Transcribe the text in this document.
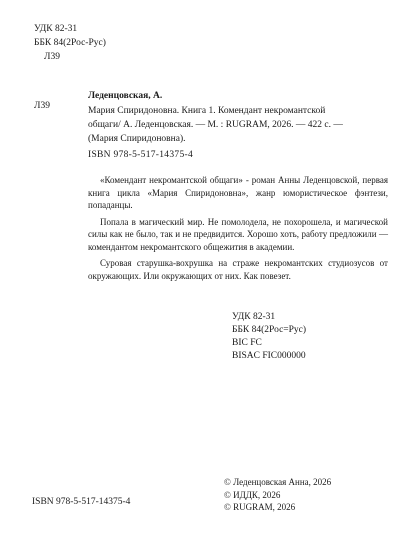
УДК 82-31
ББК 84(2Рос-Рус)
Л39
Леденцовская, А.
Л39	Мария Спиридоновна. Книга 1. Комендант некромантской
общаги/ А. Леденцовская. — М. : RUGRAM, 2026. — 422 с. —
(Мария Спиридоновна).
ISBN 978-5-517-14375-4

«Комендант некромантской общаги» - роман Анны Леденцовской, первая книга цикла «Мария Спиридоновна», жанр юмористическое фэнтези, попаданцы.

Попала в магический мир. Не помолодела, не похорошела, и магической силы как не было, так и не предвидится. Хорошо хоть, работу предложили — комендантом некромантского общежития в академии.

Суровая старушка-вохрушка на страже некромантских студиозусов от окружающих. Или окружающих от них. Как повезет.

УДК 82-31
ББК 84(2Рос=Рус)
BIC FC
BISAC FIC000000
© Леденцовская Анна, 2026
© ИДДК, 2026
© RUGRAM, 2026
ISBN 978-5-517-14375-4
